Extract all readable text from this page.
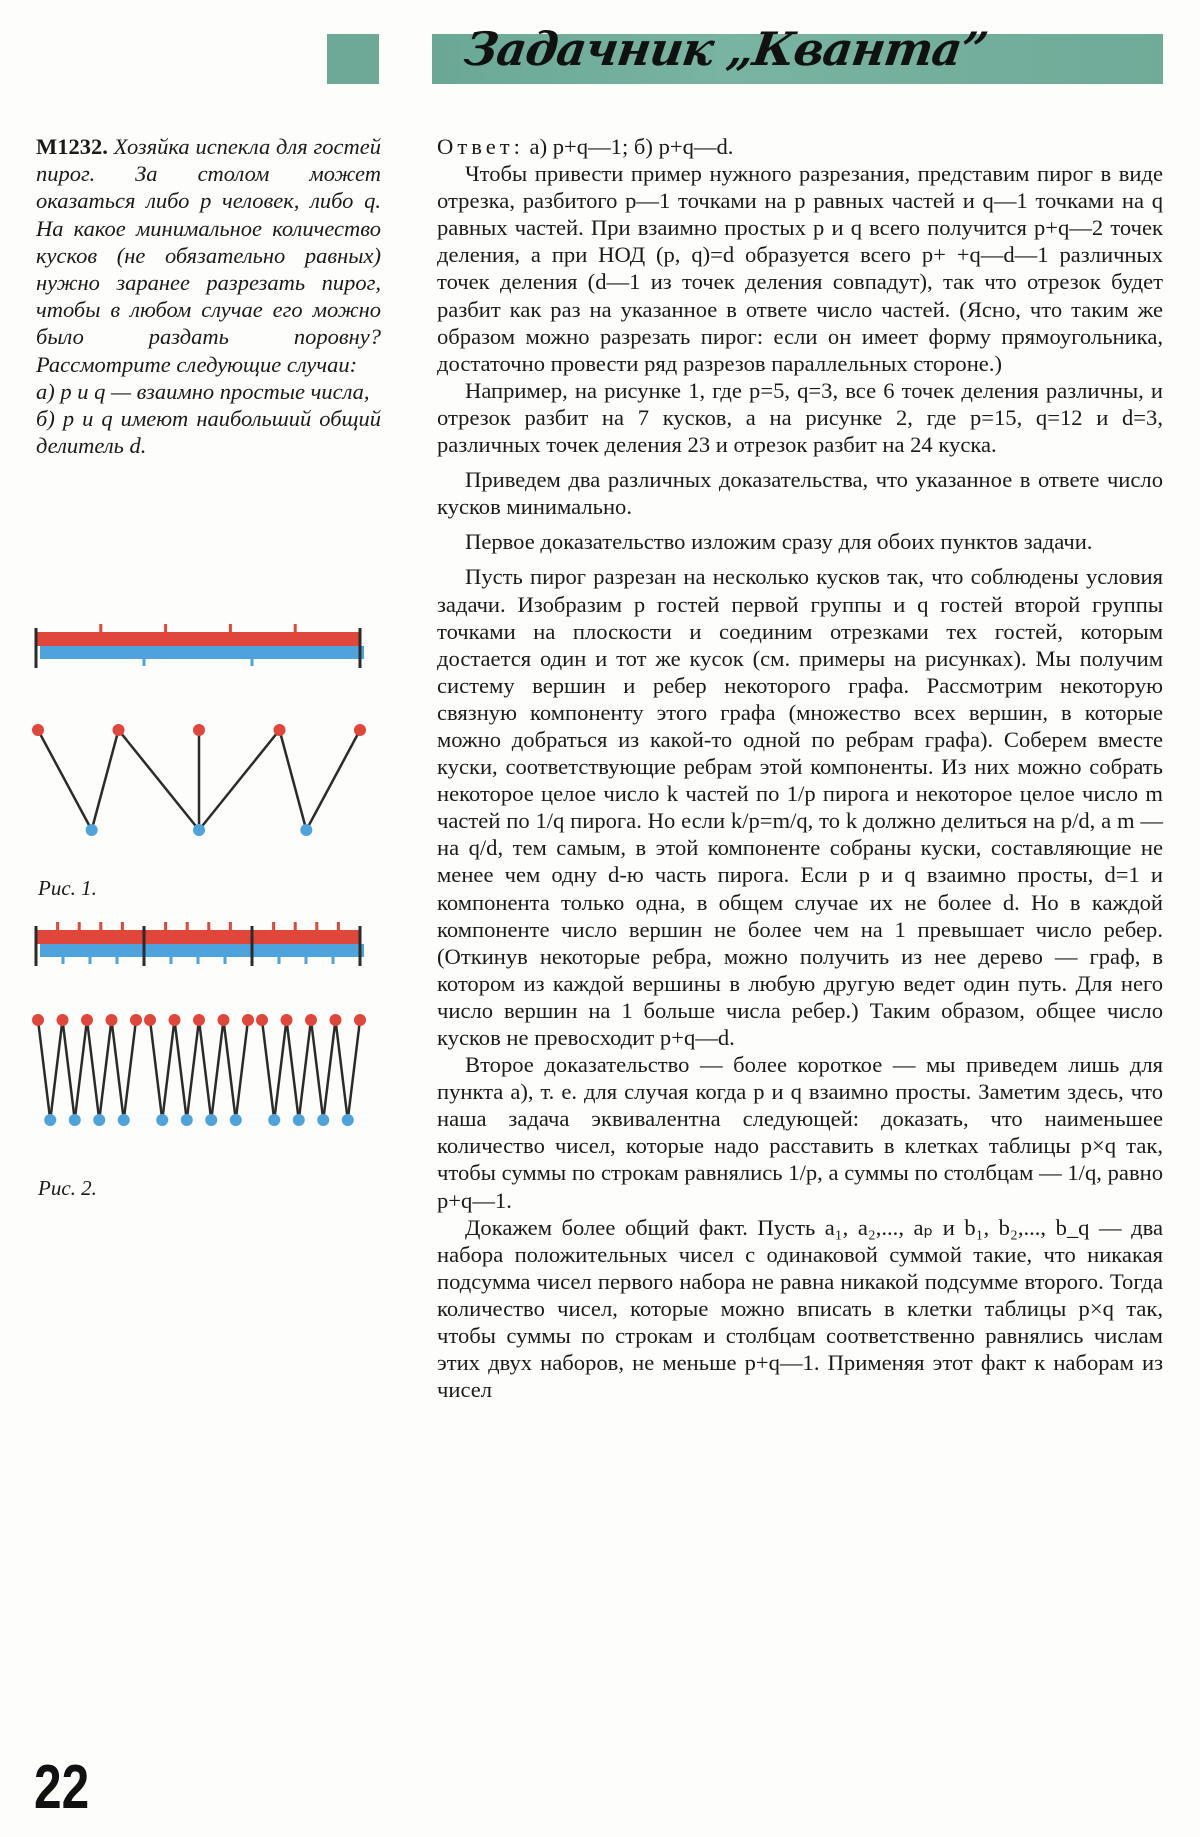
Задачник „Кванта”

М1232. Хозяйка испекла для гостей пирог. За столом может оказаться либо p человек, либо q. На какое минимальное количество кусков (не обязательно равных) нужно заранее разрезать пирог, чтобы в любом случае его можно было раздать поровну? Рассмотрите следующие случаи:

а) p и q — взаимно простые числа,

б) p и q имеют наибольший общий делитель d.

Рис. 1.
Рис. 2.

Ответ: а) p+q—1; б) p+q—d.

Чтобы привести пример нужного разрезания, представим пирог в виде отрезка, разбитого p—1 точками на p равных частей и q—1 точками на q равных частей. При взаимно простых p и q всего получится p+q—2 точек деления, а при НОД (p, q)=d образуется всего p+ +q—d—1 различных точек деления (d—1 из точек деления совпадут), так что отрезок будет разбит как раз на указанное в ответе число частей. (Ясно, что таким же образом можно разрезать пирог: если он имеет форму прямоугольника, достаточно провести ряд разрезов параллельных стороне.)

Например, на рисунке 1, где p=5, q=3, все 6 точек деления различны, и отрезок разбит на 7 кусков, а на рисунке 2, где p=15, q=12 и d=3, различных точек деления 23 и отрезок разбит на 24 куска.

Приведем два различных доказательства, что указанное в ответе число кусков минимально.

Первое доказательство изложим сразу для обоих пунктов задачи.

Пусть пирог разрезан на несколько кусков так, что соблюдены условия задачи. Изобразим p гостей первой группы и q гостей второй группы точками на плоскости и соединим отрезками тех гостей, которым достается один и тот же кусок (см. примеры на рисунках). Мы получим систему вершин и ребер некоторого графа. Рассмотрим некоторую связную компоненту этого графа (множество всех вершин, в которые можно добраться из какой-то одной по ребрам графа). Соберем вместе куски, соответствующие ребрам этой компоненты. Из них можно собрать некоторое целое число k частей по 1/p пирога и некоторое целое число m частей по 1/q пирога. Но если k/p=m/q, то k должно делиться на p/d, а m — на q/d, тем самым, в этой компоненте собраны куски, составляющие не менее чем одну d-ю часть пирога. Если p и q взаимно просты, d=1 и компонента только одна, в общем случае их не более d. Но в каждой компоненте число вершин не более чем на 1 превышает число ребер. (Откинув некоторые ребра, можно получить из нее дерево — граф, в котором из каждой вершины в любую другую ведет один путь. Для него число вершин на 1 больше числа ребер.) Таким образом, общее число кусков не превосходит p+q—d.

Второе доказательство — более короткое — мы приведем лишь для пункта а), т. е. для случая когда p и q взаимно просты. Заметим здесь, что наша задача эквивалентна следующей: доказать, что наименьшее количество чисел, которые надо расставить в клетках таблицы p×q так, чтобы суммы по строкам равнялись 1/p, а суммы по столбцам — 1/q, равно p+q—1.

Докажем более общий факт. Пусть a₁, a₂,..., aₚ и b₁, b₂,..., b_q — два набора положительных чисел с одинаковой суммой такие, что никакая подсумма чисел первого набора не равна никакой подсумме второго. Тогда количество чисел, которые можно вписать в клетки таблицы p×q так, чтобы суммы по строкам и столбцам соответственно равнялись числам этих двух наборов, не меньше p+q—1. Применяя этот факт к наборам из чисел

22
